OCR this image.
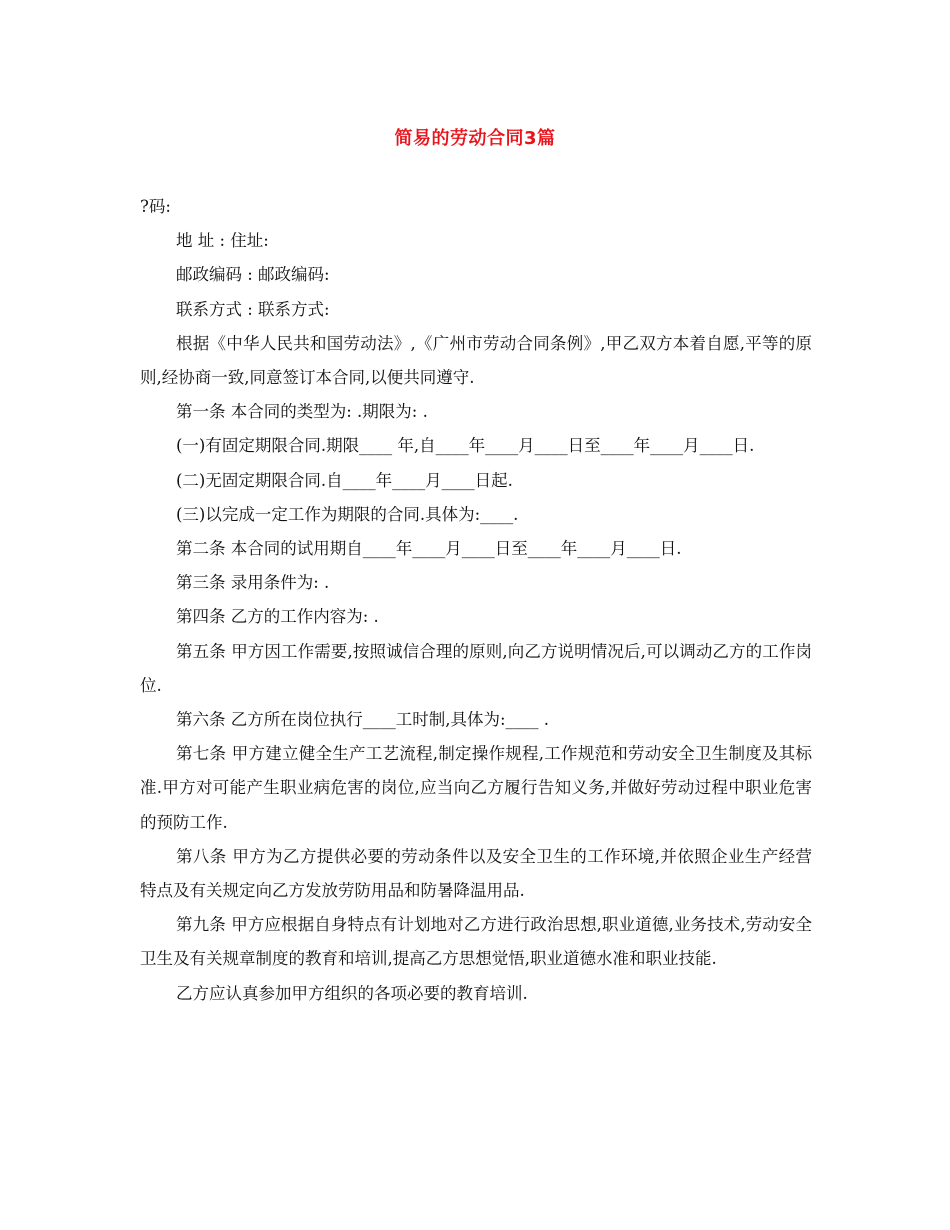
简易的劳动合同3篇

?码:

地 址 : 住址:

邮政编码 : 邮政编码:

联系方式 : 联系方式:

根据《中华人民共和国劳动法》,《广州市劳动合同条例》,甲乙双方本着自愿,平等的原则,经协商一致,同意签订本合同,以便共同遵守.

第一条 本合同的类型为: .期限为: .

(一)有固定期限合同.期限____ 年,自____年____月____日至____年____月____日.

(二)无固定期限合同.自____年____月____日起.

(三)以完成一定工作为期限的合同.具体为:____.

第二条 本合同的试用期自____年____月____日至____年____月____日.

第三条 录用条件为: .

第四条 乙方的工作内容为: .

第五条 甲方因工作需要,按照诚信合理的原则,向乙方说明情况后,可以调动乙方的工作岗位.

第六条 乙方所在岗位执行____工时制,具体为:____ .

第七条 甲方建立健全生产工艺流程,制定操作规程,工作规范和劳动安全卫生制度及其标准.甲方对可能产生职业病危害的岗位,应当向乙方履行告知义务,并做好劳动过程中职业危害的预防工作.

第八条 甲方为乙方提供必要的劳动条件以及安全卫生的工作环境,并依照企业生产经营特点及有关规定向乙方发放劳防用品和防暑降温用品.

第九条 甲方应根据自身特点有计划地对乙方进行政治思想,职业道德,业务技术,劳动安全卫生及有关规章制度的教育和培训,提高乙方思想觉悟,职业道德水准和职业技能.

乙方应认真参加甲方组织的各项必要的教育培训.
